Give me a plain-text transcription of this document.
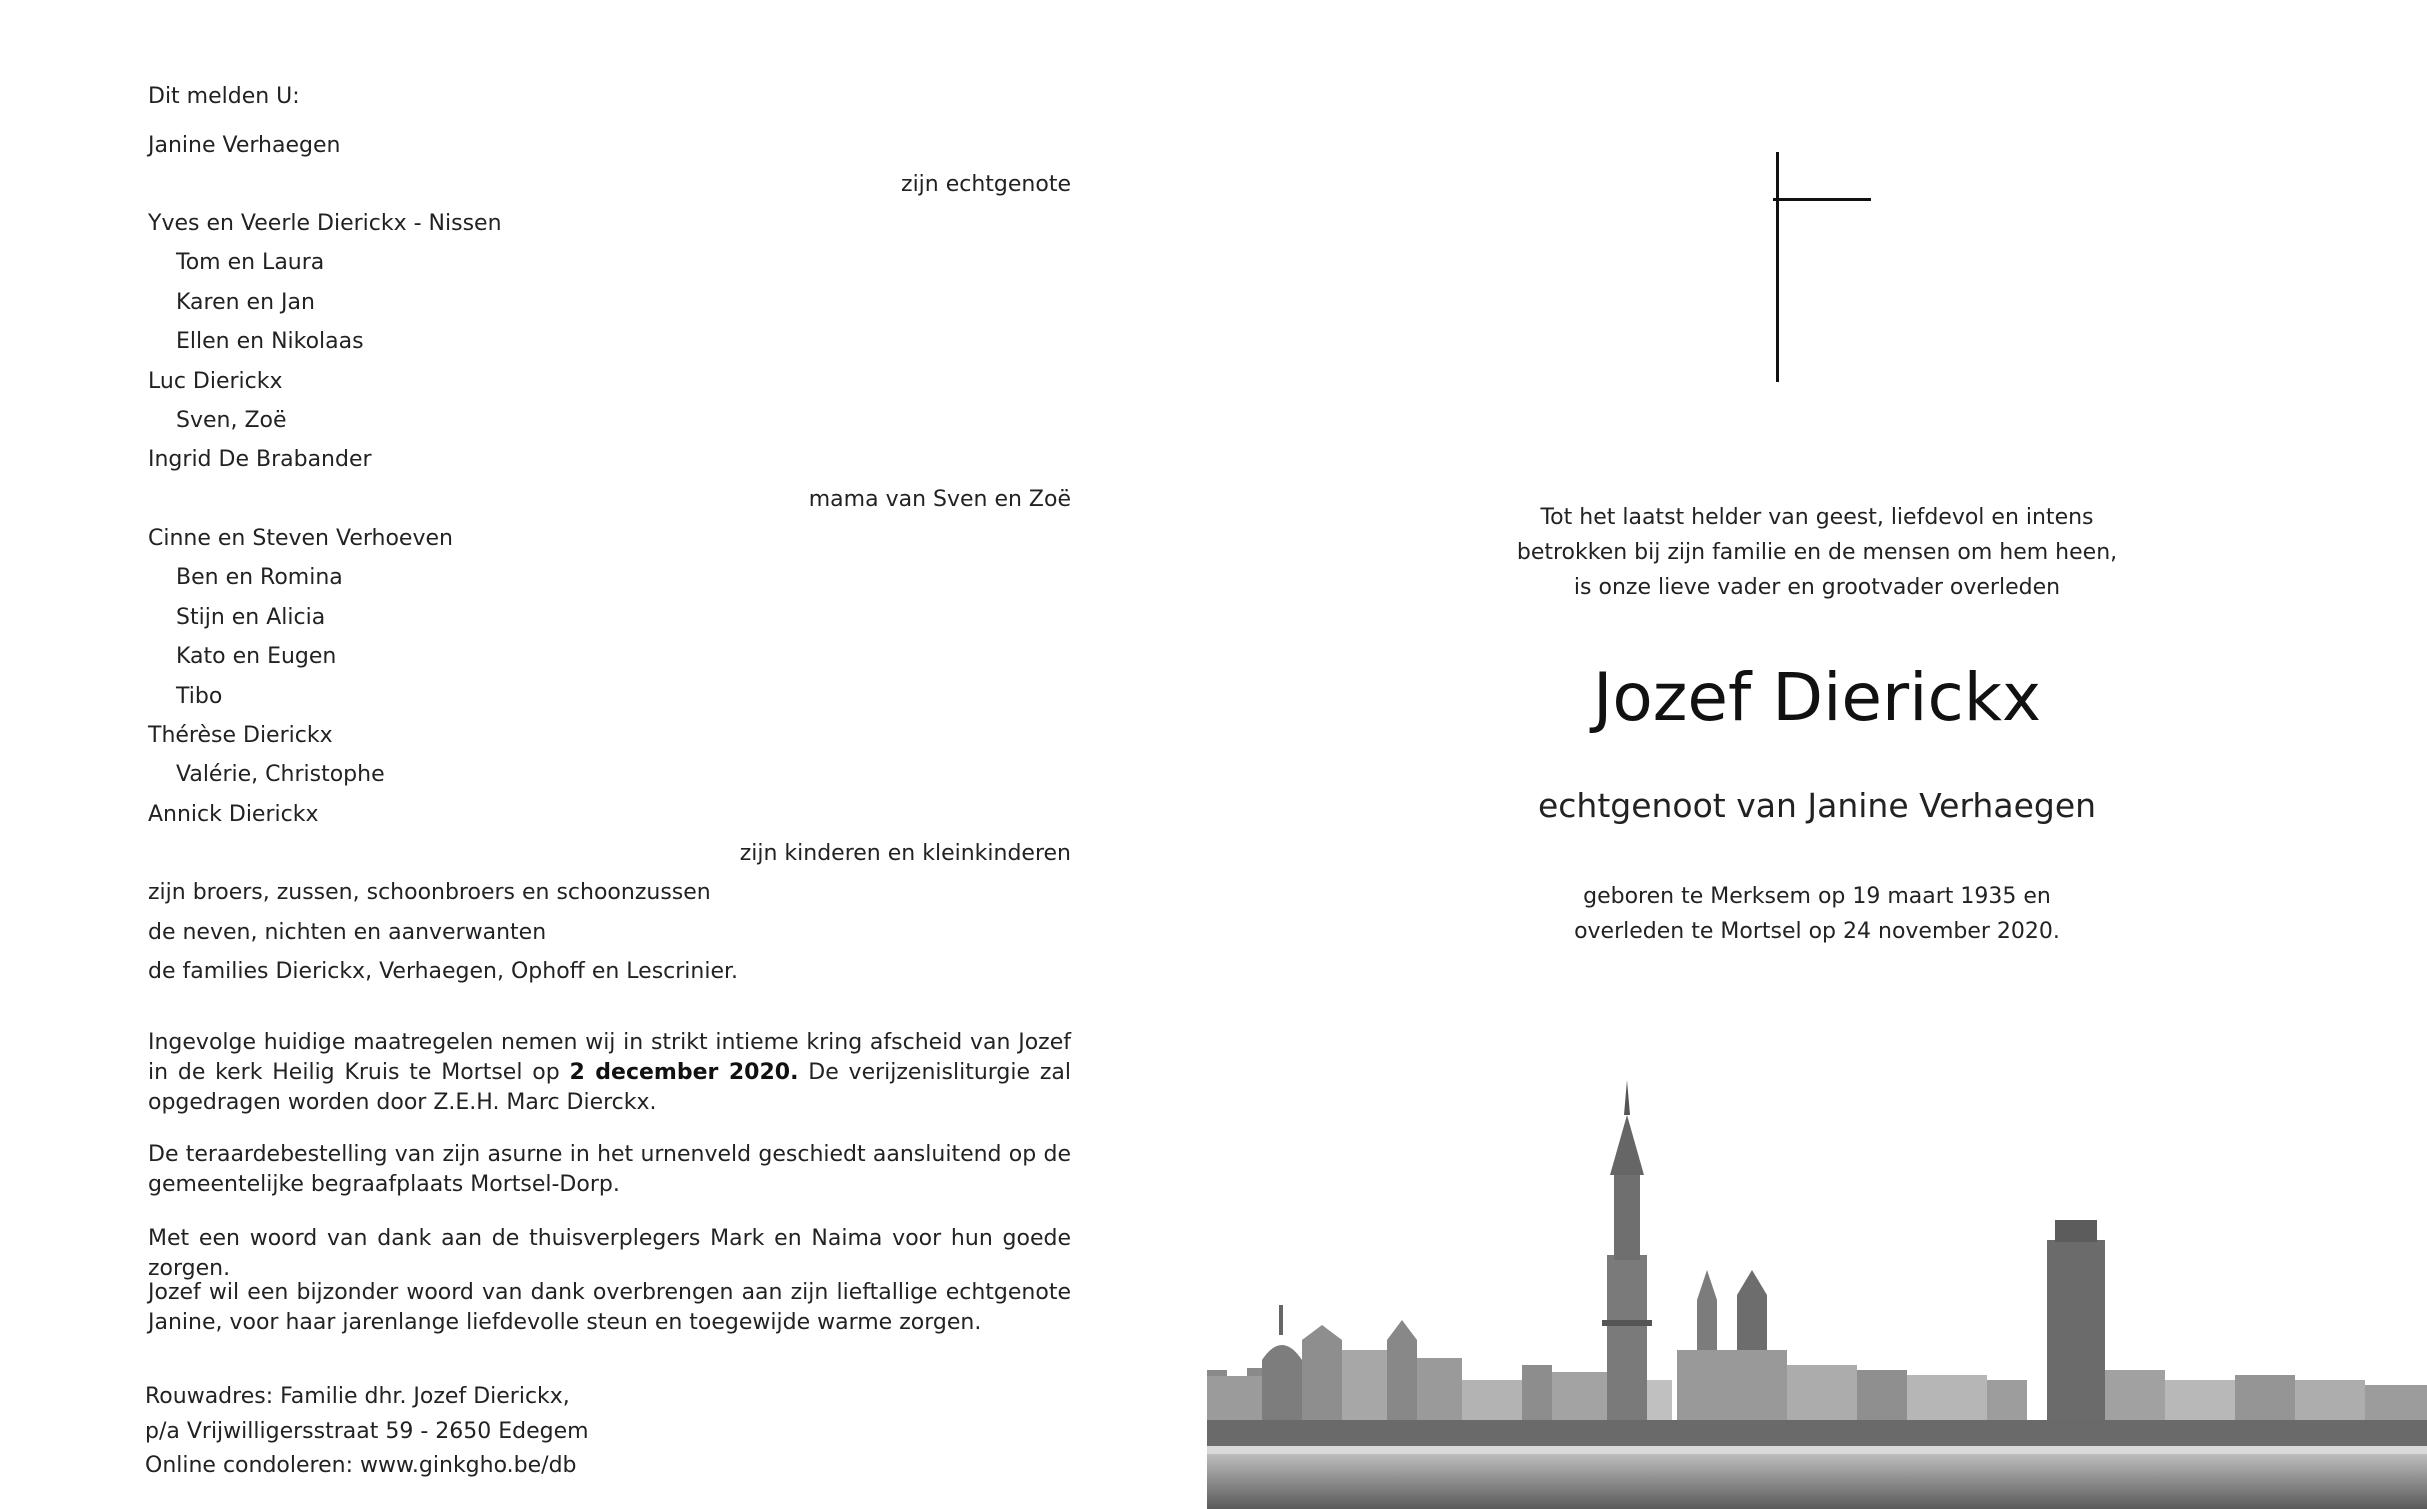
Dit melden U:
Janine Verhaegen
zijn echtgenote
Yves en Veerle Dierickx - Nissen
Tom en Laura
Karen en Jan
Ellen en Nikolaas
Luc Dierickx
Sven, Zoë
Ingrid De Brabander
mama van Sven en Zoë
Cinne en Steven Verhoeven
Ben en Romina
Stijn en Alicia
Kato en Eugen
Tibo
Thérèse Dierickx
Valérie, Christophe
Annick Dierickx
zijn kinderen en kleinkinderen
zijn broers, zussen, schoonbroers en schoonzussen
de neven, nichten en aanverwanten
de families Dierickx, Verhaegen, Ophoff en Lescrinier.
Ingevolge huidige maatregelen nemen wij in strikt intieme kring afscheid van Jozef in de kerk Heilig Kruis te Mortsel op 2 december 2020. De verijzenisliturgie zal opgedragen worden door Z.E.H. Marc Dierckx.
De teraardebestelling van zijn asurne in het urnenveld geschiedt aansluitend op de gemeentelijke begraafplaats Mortsel-Dorp.
Met een woord van dank aan de thuisverplegers Mark en Naima voor hun goede zorgen.
Jozef wil een bijzonder woord van dank overbrengen aan zijn lieftallige echtgenote Janine, voor haar jarenlange liefdevolle steun en toegewijde warme zorgen.
Rouwadres: Familie dhr. Jozef Dierickx,
p/a Vrijwilligersstraat 59 - 2650 Edegem
Online condoleren: www.ginkgho.be/db
Tot het laatst helder van geest, liefdevol en intens
betrokken bij zijn familie en de mensen om hem heen,
is onze lieve vader en grootvader overleden
Jozef Dierickx
echtgenoot van Janine Verhaegen
geboren te Merksem op 19 maart 1935 en
overleden te Mortsel op 24 november 2020.
